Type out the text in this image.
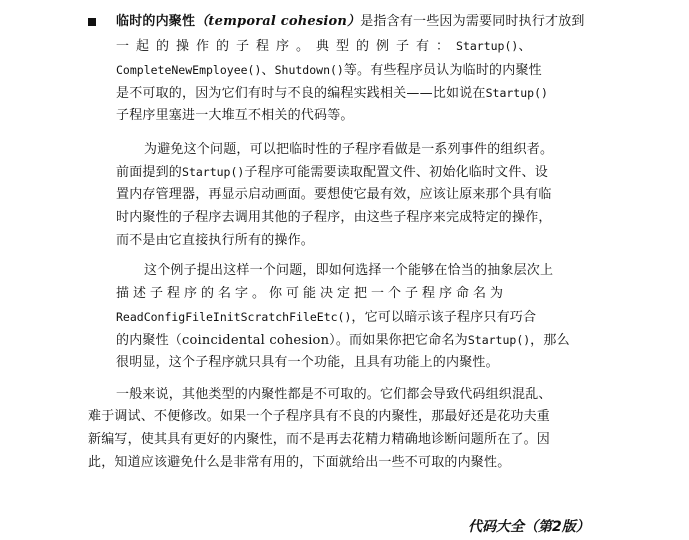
临时的内聚性（temporal cohesion）是指含有一些因为需要同时执行才放到
一起的操作的子程序。典型的例子有：Startup()、
CompleteNewEmployee()、Shutdown()等。有些程序员认为临时的内聚性
是不可取的，因为它们有时与不良的编程实践相关——比如说在Startup()
子程序里塞进一大堆互不相关的代码等。
为避免这个问题，可以把临时性的子程序看做是一系列事件的组织者。
前面提到的Startup()子程序可能需要读取配置文件、初始化临时文件、设
置内存管理器，再显示启动画面。要想使它最有效，应该让原来那个具有临
时内聚性的子程序去调用其他的子程序，由这些子程序来完成特定的操作，
而不是由它直接执行所有的操作。
这个例子提出这样一个问题，即如何选择一个能够在恰当的抽象层次上
描述子程序的名字。你可能决定把一个子程序命名为
ReadConfigFileInitScratchFileEtc()，它可以暗示该子程序只有巧合
的内聚性（coincidental cohesion）。而如果你把它命名为Startup()，那么
很明显，这个子程序就只具有一个功能，且具有功能上的内聚性。
一般来说，其他类型的内聚性都是不可取的。它们都会导致代码组织混乱、
难于调试、不便修改。如果一个子程序具有不良的内聚性，那最好还是花功夫重
新编写，使其具有更好的内聚性，而不是再去花精力精确地诊断问题所在了。因
此，知道应该避免什么是非常有用的，下面就给出一些不可取的内聚性。
代码大全（第2版）
